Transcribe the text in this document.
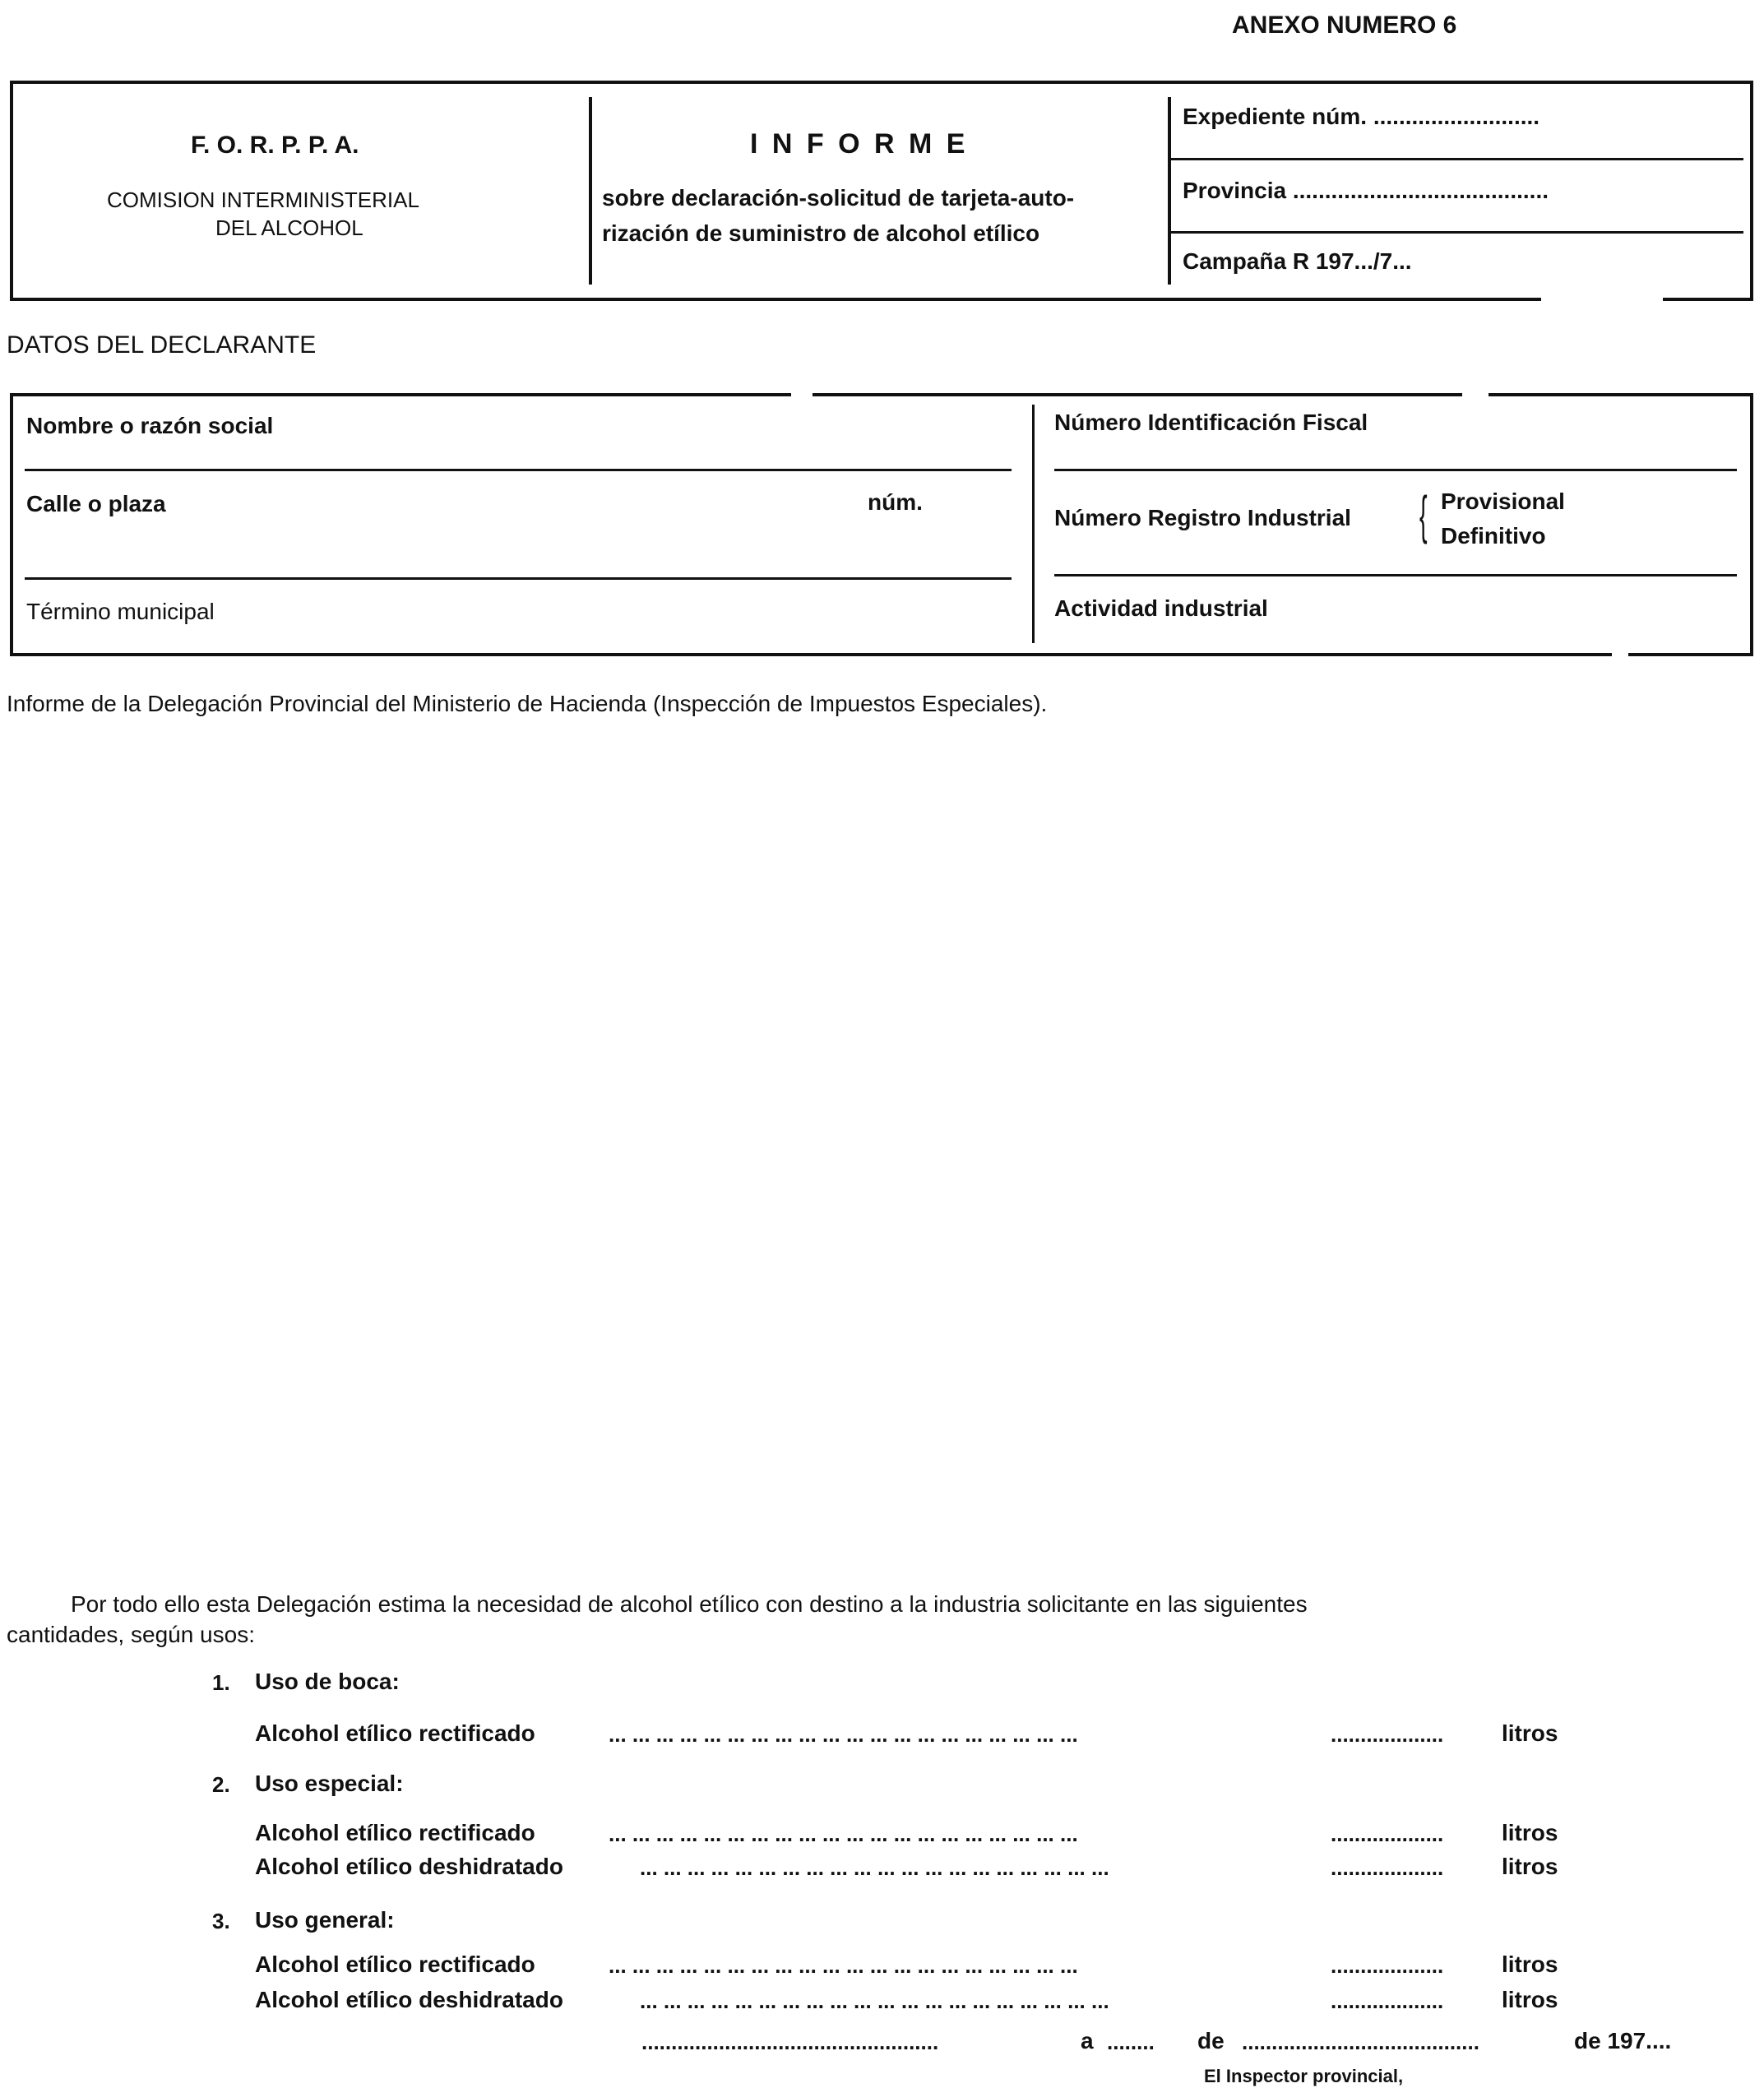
ANEXO NUMERO 6
F. O. R. P. P. A.
COMISION INTERMINISTERIAL
DEL ALCOHOL
I N F O R M E
sobre declaración-solicitud de tarjeta-auto-
rización de suministro de alcohol etílico
Expediente núm. ..........................
Provincia ........................................
Campaña R 197.../7...
DATOS DEL DECLARANTE
Nombre o razón social
Calle o plaza	núm.
Término municipal
Número Identificación Fiscal
Número Registro Industrial { Provisional
Definitivo
Actividad industrial
Informe de la Delegación Provincial del Ministerio de Hacienda (Inspección de Impuestos Especiales).
Por todo ello esta Delegación estima la necesidad de alcohol etílico con destino a la industria solicitante en las siguientes
cantidades, según usos:
1. Uso de boca:
Alcohol etílico rectificado	... ... ... ... ... ... ... ... ... ... ... ... ... ... ... ... ... ... ... ...	...................	litros
2. Uso especial:
Alcohol etílico rectificado	... ... ... ... ... ... ... ... ... ... ... ... ... ... ... ... ... ... ... ...	...................	litros
Alcohol etílico deshidratado	... ... ... ... ... ... ... ... ... ... ... ... ... ... ... ... ... ... ... ...	...................	litros
3. Uso general:
Alcohol etílico rectificado	... ... ... ... ... ... ... ... ... ... ... ... ... ... ... ... ... ... ... ...	...................	litros
Alcohol etílico deshidratado	... ... ... ... ... ... ... ... ... ... ... ... ... ... ... ... ... ... ... ...	...................	litros
..................................................	a ........ de ........................................	de 197....
El Inspector provincial,
